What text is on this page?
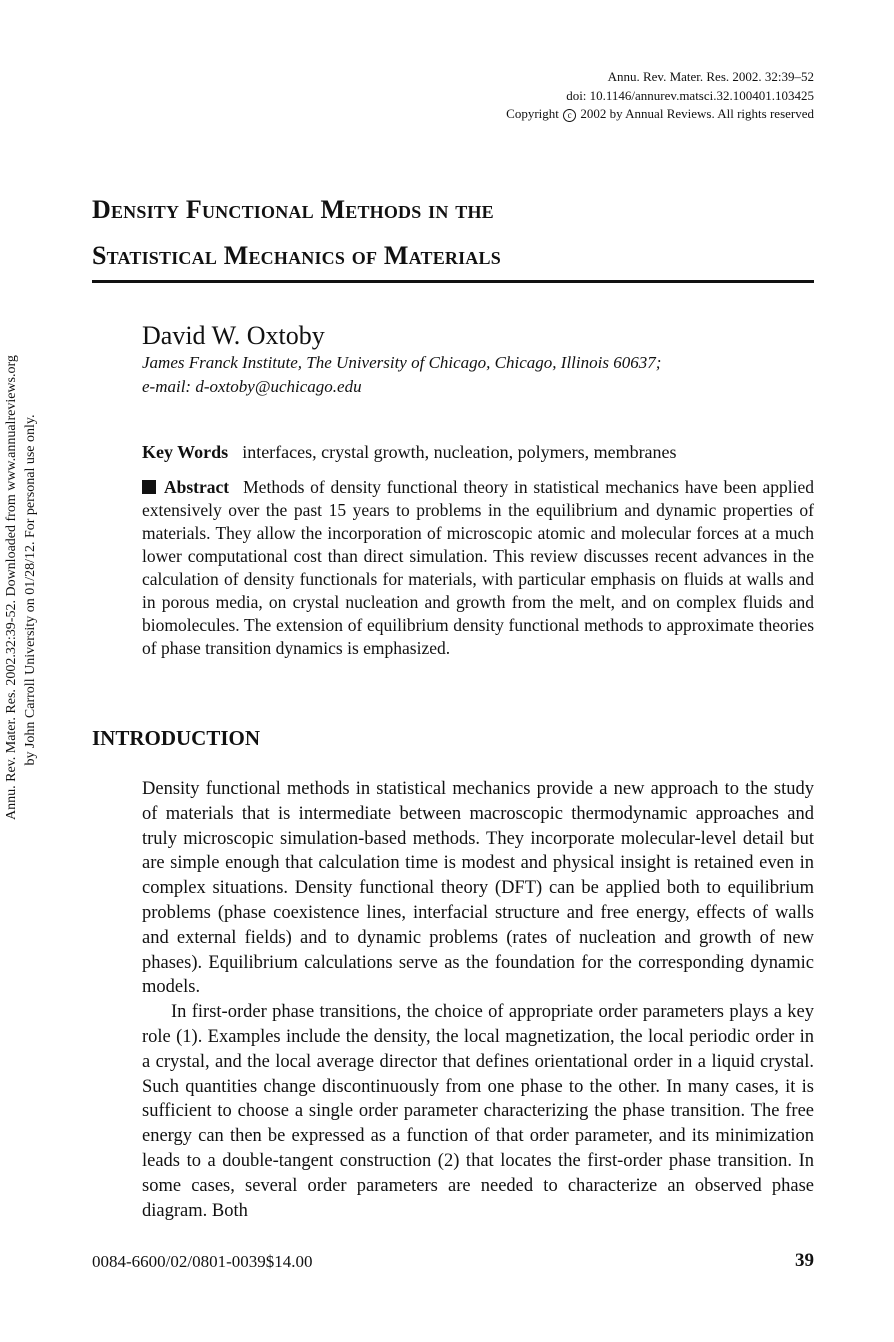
Annu. Rev. Mater. Res. 2002. 32:39–52
doi: 10.1146/annurev.matsci.32.100401.103425
Copyright c 2002 by Annual Reviews. All rights reserved
Density Functional Methods in the
Statistical Mechanics of Materials
David W. Oxtoby
James Franck Institute, The University of Chicago, Chicago, Illinois 60637;
e-mail: d-oxtoby@uchicago.edu
Key Words interfaces, crystal growth, nucleation, polymers, membranes
Abstract Methods of density functional theory in statistical mechanics have been applied extensively over the past 15 years to problems in the equilibrium and dynamic properties of materials. They allow the incorporation of microscopic atomic and molecular forces at a much lower computational cost than direct simulation. This review discusses recent advances in the calculation of density functionals for materials, with particular emphasis on fluids at walls and in porous media, on crystal nucleation and growth from the melt, and on complex fluids and biomolecules. The extension of equilibrium density functional methods to approximate theories of phase transition dynamics is emphasized.
INTRODUCTION

Density functional methods in statistical mechanics provide a new approach to the study of materials that is intermediate between macroscopic thermodynamic approaches and truly microscopic simulation-based methods. They incorporate molecular-level detail but are simple enough that calculation time is modest and physical insight is retained even in complex situations. Density functional theory (DFT) can be applied both to equilibrium problems (phase coexistence lines, interfacial structure and free energy, effects of walls and external fields) and to dynamic problems (rates of nucleation and growth of new phases). Equilibrium calculations serve as the foundation for the corresponding dynamic models.

In first-order phase transitions, the choice of appropriate order parameters plays a key role (1). Examples include the density, the local magnetization, the local periodic order in a crystal, and the local average director that defines orientational order in a liquid crystal. Such quantities change discontinuously from one phase to the other. In many cases, it is sufficient to choose a single order parameter characterizing the phase transition. The free energy can then be expressed as a function of that order parameter, and its minimization leads to a double-tangent construction (2) that locates the first-order phase transition. In some cases, several order parameters are needed to characterize an observed phase diagram. Both

0084-6600/02/0801-0039$14.00	39
Annu. Rev. Mater. Res. 2002.32:39-52. Downloaded from www.annualreviews.org by John Carroll University on 01/28/12. For personal use only.
